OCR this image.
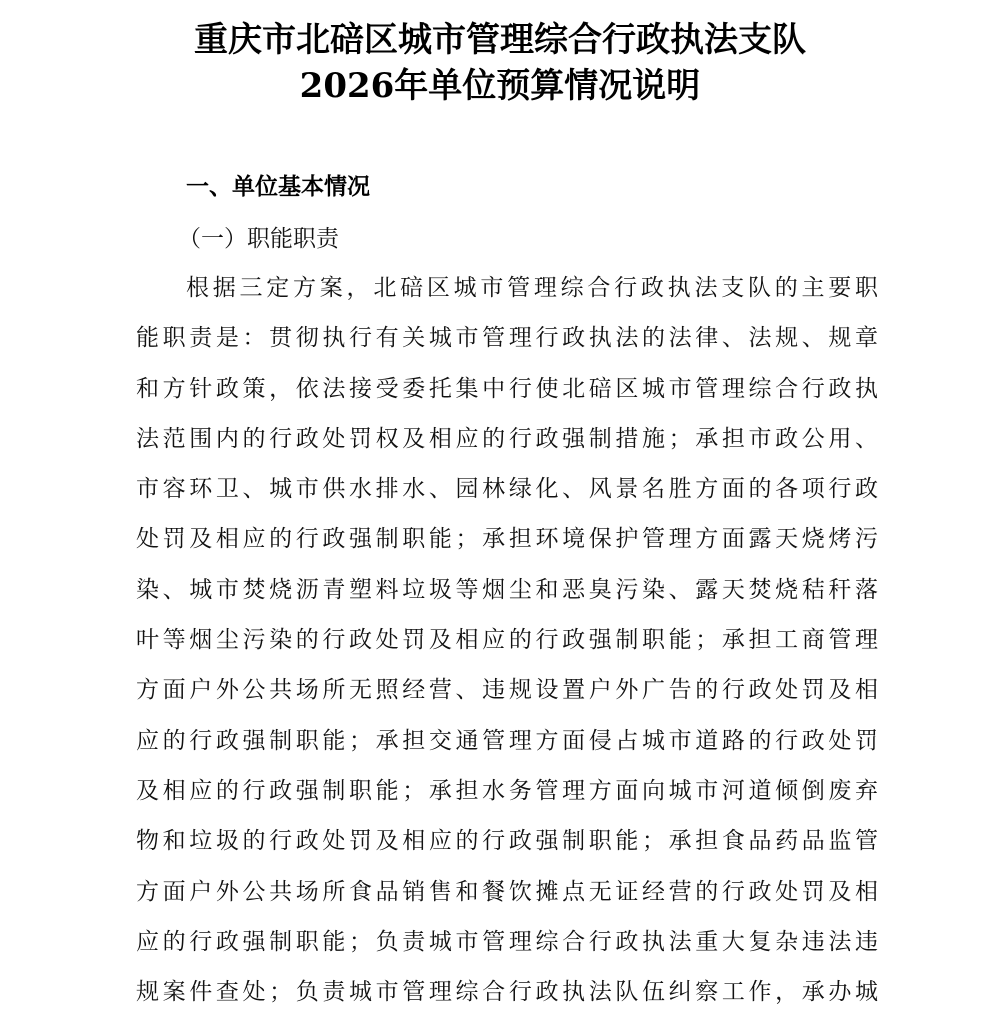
重庆市北碚区城市管理综合行政执法支队
2026年单位预算情况说明
一、单位基本情况
（一）职能职责
根据三定方案，北碚区城市管理综合行政执法支队的主要职
能职责是：贯彻执行有关城市管理行政执法的法律、法规、规章
和方针政策，依法接受委托集中行使北碚区城市管理综合行政执
法范围内的行政处罚权及相应的行政强制措施；承担市政公用、
市容环卫、城市供水排水、园林绿化、风景名胜方面的各项行政
处罚及相应的行政强制职能；承担环境保护管理方面露天烧烤污
染、城市焚烧沥青塑料垃圾等烟尘和恶臭污染、露天焚烧秸秆落
叶等烟尘污染的行政处罚及相应的行政强制职能；承担工商管理
方面户外公共场所无照经营、违规设置户外广告的行政处罚及相
应的行政强制职能；承担交通管理方面侵占城市道路的行政处罚
及相应的行政强制职能；承担水务管理方面向城市河道倾倒废弃
物和垃圾的行政处罚及相应的行政强制职能；承担食品药品监管
方面户外公共场所食品销售和餐饮摊点无证经营的行政处罚及相
应的行政强制职能；负责城市管理综合行政执法重大复杂违法违
规案件查处；负责城市管理综合行政执法队伍纠察工作，承办城
